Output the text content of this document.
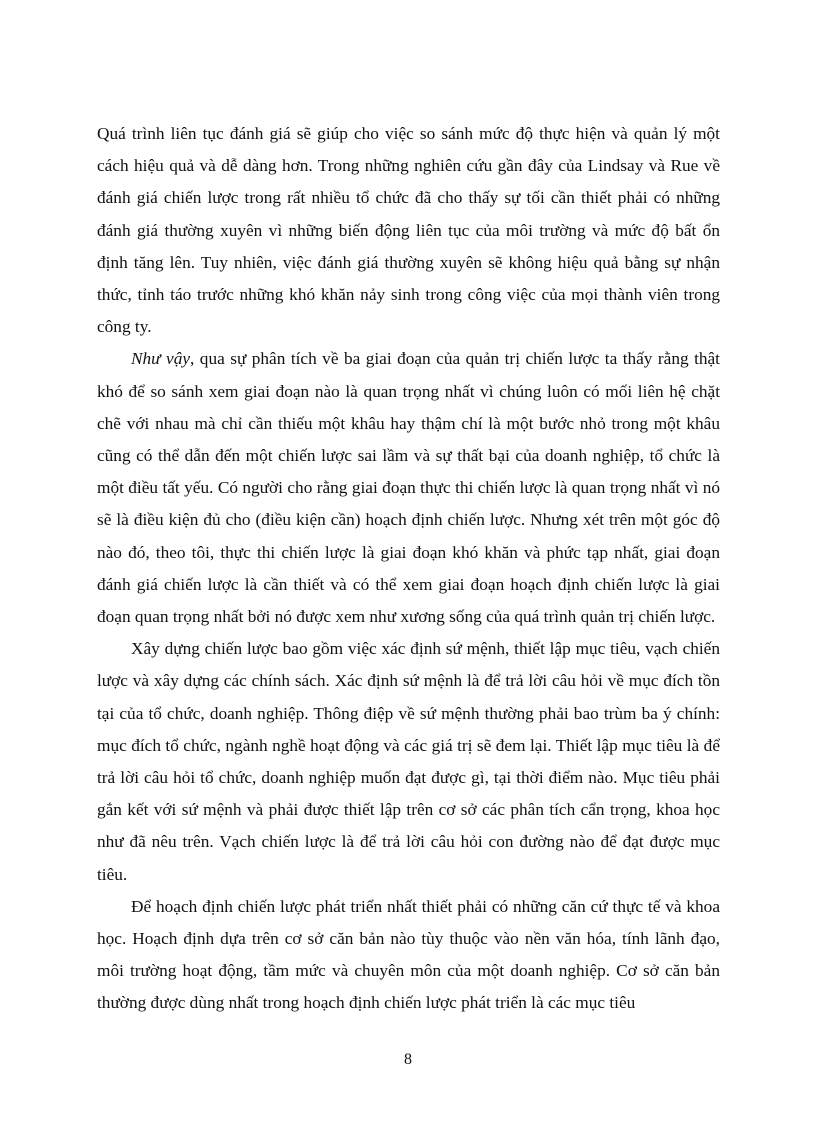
Quá trình liên tục đánh giá sẽ giúp cho việc so sánh mức độ thực hiện và quản lý một cách hiệu quả và dễ dàng hơn. Trong những nghiên cứu gần đây của Lindsay và Rue về đánh giá chiến lược trong rất nhiều tổ chức đã cho thấy sự tối cần thiết phải có những đánh giá thường xuyên vì những biến động liên tục của môi trường và mức độ bất ổn định tăng lên. Tuy nhiên, việc đánh giá thường xuyên sẽ không hiệu quả bằng sự nhận thức, tỉnh táo trước những khó khăn nảy sinh trong công việc của mọi thành viên trong công ty.

Như vậy, qua sự phân tích về ba giai đoạn của quản trị chiến lược ta thấy rằng thật khó để so sánh xem giai đoạn nào là quan trọng nhất vì chúng luôn có mối liên hệ chặt chẽ với nhau mà chỉ cần thiếu một khâu hay thậm chí là một bước nhỏ trong một khâu cũng có thể dẫn đến một chiến lược sai lầm và sự thất bại của doanh nghiệp, tổ chức là một điều tất yếu. Có người cho rằng giai đoạn thực thi chiến lược là quan trọng nhất vì nó sẽ là điều kiện đủ cho (điều kiện cần) hoạch định chiến lược. Nhưng xét trên một góc độ nào đó, theo tôi, thực thi chiến lược là giai đoạn khó khăn và phức tạp nhất, giai đoạn đánh giá chiến lược là cần thiết và có thể xem giai đoạn hoạch định chiến lược là giai đoạn quan trọng nhất bởi nó được xem như xương sống của quá trình quản trị chiến lược.

Xây dựng chiến lược bao gồm việc xác định sứ mệnh, thiết lập mục tiêu, vạch chiến lược và xây dựng các chính sách. Xác định sứ mệnh là để trả lời câu hỏi về mục đích tồn tại của tổ chức, doanh nghiệp. Thông điệp về sứ mệnh thường phải bao trùm ba ý chính: mục đích tổ chức, ngành nghề hoạt động và các giá trị sẽ đem lại. Thiết lập mục tiêu là để trả lời câu hỏi tổ chức, doanh nghiệp muốn đạt được gì, tại thời điểm nào. Mục tiêu phải gắn kết với sứ mệnh và phải được thiết lập trên cơ sở các phân tích cẩn trọng, khoa học như đã nêu trên. Vạch chiến lược là để trả lời câu hỏi con đường nào để đạt được mục tiêu.

Để hoạch định chiến lược phát triển nhất thiết phải có những căn cứ thực tế và khoa học. Hoạch định dựa trên cơ sở căn bản nào tùy thuộc vào nền văn hóa, tính lãnh đạo, môi trường hoạt động, tầm mức và chuyên môn của một doanh nghiệp. Cơ sở căn bản thường được dùng nhất trong hoạch định chiến lược phát triển là các mục tiêu

8
